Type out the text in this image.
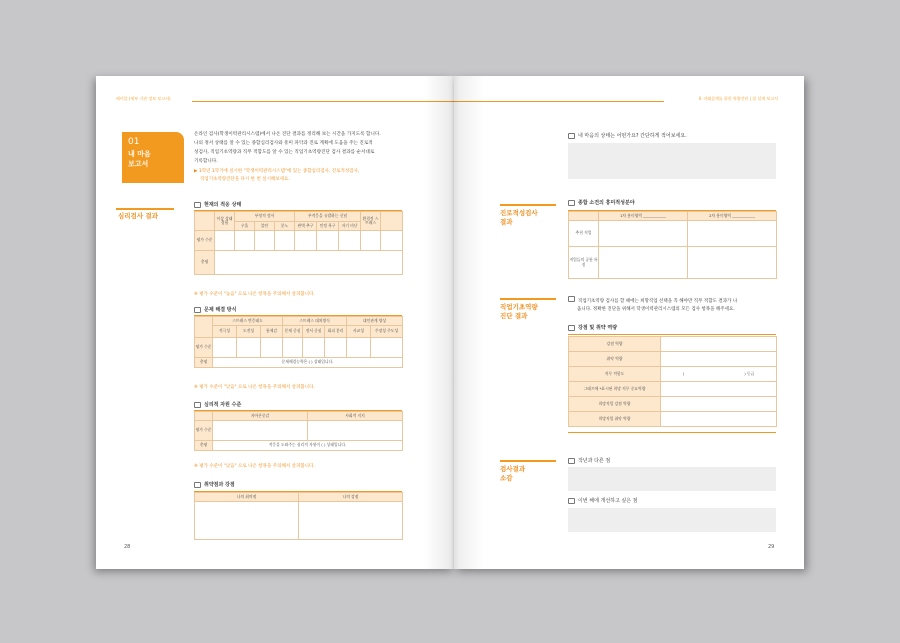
레이블 (세부 기관 정보 보고서)
01
내 마음
보고서
온라인 검사(학생이력관리시스템)에서 나온 진단 결과를 정리해 보는 시간을 가지도록 합니다.
나의 정서 상태를 알 수 있는 종합심리검사와 흥미 파악과 진로 계획에 도움을 주는 진로적
성검사, 직업기초역량과 직무 적합도를 알 수 있는 직업기초역량진단 검사 결과를 순서대로
기록합니다.
▶ 1학년 1학기에 실시한 "학생이력관리시스템"에 있는 종합심리검사, 진로적성검사,
직업기초역량진단을 다시 한 번 실시해보세요.
심리검사 결과
현재의 적응 상태
	이상 상태 경험	부정적 정서			부적응을 유발하는 신념			환경적 스트레스	
		우울	불안	분노	완벽 추구	인정 욕구	자기 비난		
평가 수준									
총평									
※ 평가 수준이 "높음" 으로 나온 항목을 주의해서 살펴봅니다.
문제 해결 방식
	스트레스 반응태도			스트레스 대처방식			대인관계 양상	
	적극성	도전성	통제감	문제 중심	정서 중심	회피 분리	사교성	주장성 주도성
평가 수준								
총평	문제해결능력은 ( ) 상태입니다.							
※ 평가 수준이 "낮음" 으로 나온 항목을 주의해서 살펴봅니다.
심리적 자원 수준
	자아존중감	사회적 지지
평가 수준		
총평	적응을 도와주는 심리적 자원이 ( ) 상태입니다.	
※ 평가 수준이 "낮음" 으로 나온 항목을 주의해서 살펴봅니다.
취약점과 강점
나의 취약점	나의 강점

28
Ⅱ. 미래설계를 위한 역량진단 | 잡 설계 보고서
내 마음의 상태는 어떤가요? 간단하게 적어보세요.
진로적성검사
결과
종합 소견의 흥미적성분야
	1차 흥미영역 ____________	2차 흥미영역 ____________
추천 직업		
직업들의 공통 특징		
직업기초역량
진단 결과
직업기초역량 검사를 할 때에는 희망직업 선택을 꼭 해야만 직무 적합도 결과가 나
옵니다. 정확한 진단을 위해서 학생이력관리시스템의 모든 검사 항목을 해주세요.
강점 및 취약 역량
강점 역량	
취약 역량	
직무 적합도	( ) 등급
그래프에 *표시된 희망 직무 중요역량	
희망직업 강점 역량	
희망직업 취약 역량	
검사결과
소감
작년과 다른 점
이번 해에 개선하고 싶은 점
29
